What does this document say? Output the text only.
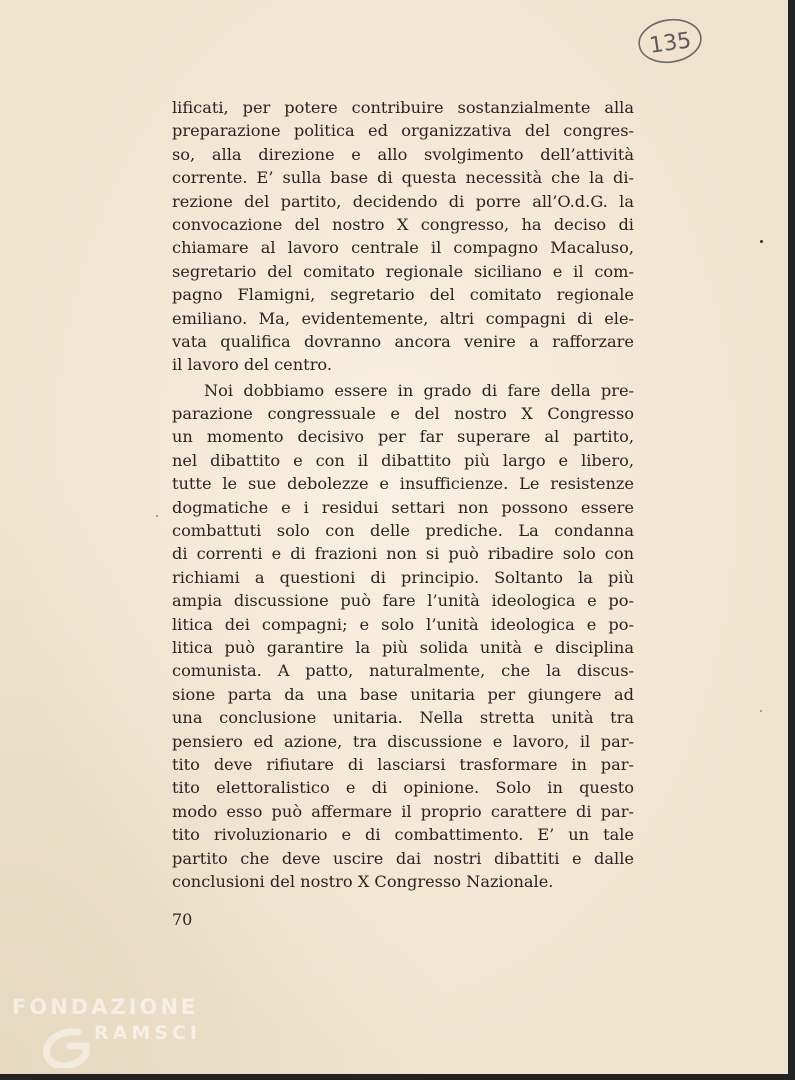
135
lificati, per potere contribuire sostanzialmente alla
preparazione politica ed organizzativa del congres-
so, alla direzione e allo svolgimento dell’attività
corrente. E’ sulla base di questa necessità che la di-
rezione del partito, decidendo di porre all’O.d.G. la
convocazione del nostro X congresso, ha deciso di
chiamare al lavoro centrale il compagno Macaluso,
segretario del comitato regionale siciliano e il com-
pagno Flamigni, segretario del comitato regionale
emiliano. Ma, evidentemente, altri compagni di ele-
vata qualifica dovranno ancora venire a rafforzare
il lavoro del centro.
Noi dobbiamo essere in grado di fare della pre-
parazione congressuale e del nostro X Congresso
un momento decisivo per far superare al partito,
nel dibattito e con il dibattito più largo e libero,
tutte le sue debolezze e insufficienze. Le resistenze
dogmatiche e i residui settari non possono essere
combattuti solo con delle prediche. La condanna
di correnti e di frazioni non si può ribadire solo con
richiami a questioni di principio. Soltanto la più
ampia discussione può fare l’unità ideologica e po-
litica dei compagni; e solo l’unità ideologica e po-
litica può garantire la più solida unità e disciplina
comunista. A patto, naturalmente, che la discus-
sione parta da una base unitaria per giungere ad
una conclusione unitaria. Nella stretta unità tra
pensiero ed azione, tra discussione e lavoro, il par-
tito deve rifiutare di lasciarsi trasformare in par-
tito elettoralistico e di opinione. Solo in questo
modo esso può affermare il proprio carattere di par-
tito rivoluzionario e di combattimento. E’ un tale
partito che deve uscire dai nostri dibattiti e dalle
conclusioni del nostro X Congresso Nazionale.
70
FONDAZIONE
RAMSCI
